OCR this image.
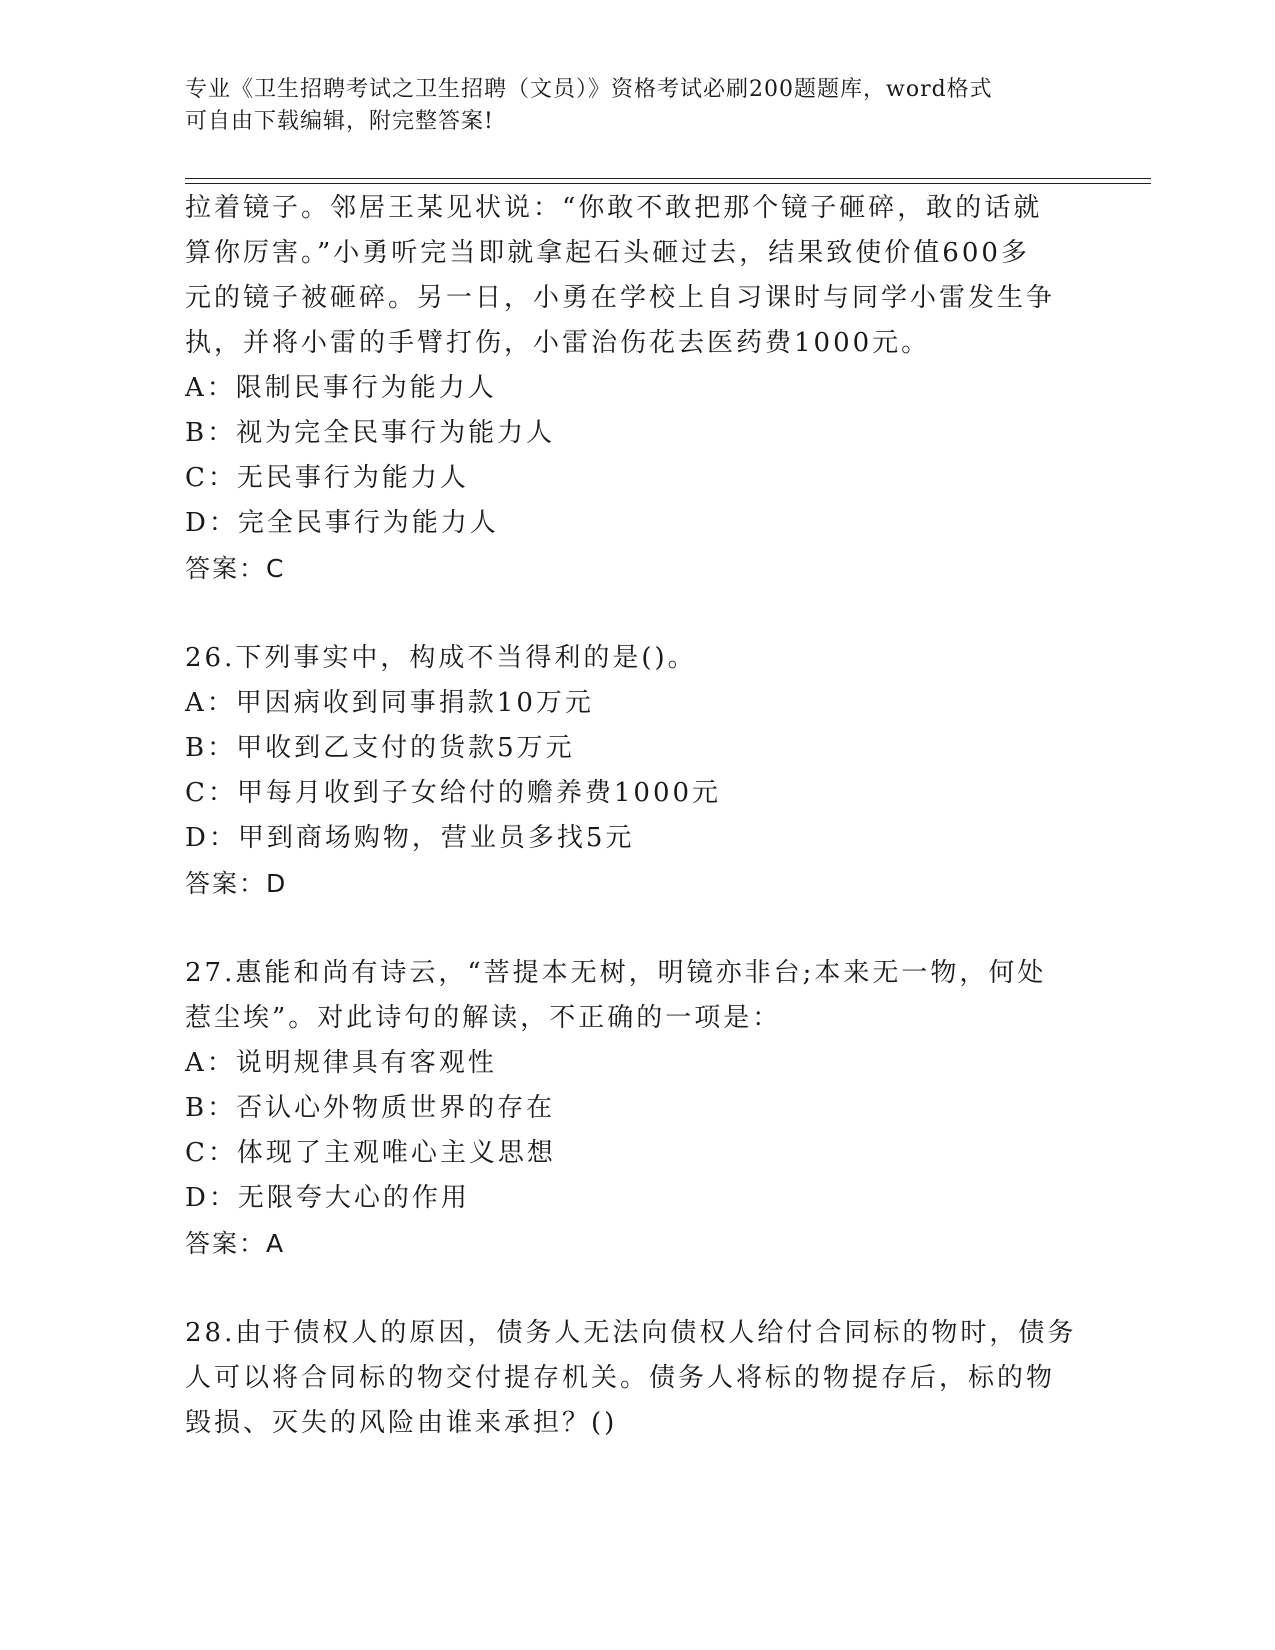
专业《卫生招聘考试之卫生招聘（文员）》资格考试必刷200题题库，word格式
可自由下载编辑，附完整答案!
拉着镜子。邻居王某见状说：“你敢不敢把那个镜子砸碎，敢的话就
算你厉害。”小勇听完当即就拿起石头砸过去，结果致使价值600多
元的镜子被砸碎。另一日，小勇在学校上自习课时与同学小雷发生争
执，并将小雷的手臂打伤，小雷治伤花去医药费1000元。
A：限制民事行为能力人
B：视为完全民事行为能力人
C：无民事行为能力人
D：完全民事行为能力人
答案：C
26.下列事实中，构成不当得利的是()。
A：甲因病收到同事捐款10万元
B：甲收到乙支付的货款5万元
C：甲每月收到子女给付的赡养费1000元
D：甲到商场购物，营业员多找5元
答案：D
27.惠能和尚有诗云，“菩提本无树，明镜亦非台;本来无一物，何处
惹尘埃”。对此诗句的解读，不正确的一项是：
A：说明规律具有客观性
B：否认心外物质世界的存在
C：体现了主观唯心主义思想
D：无限夸大心的作用
答案：A
28.由于债权人的原因，债务人无法向债权人给付合同标的物时，债务
人可以将合同标的物交付提存机关。债务人将标的物提存后，标的物
毁损、灭失的风险由谁来承担？()
